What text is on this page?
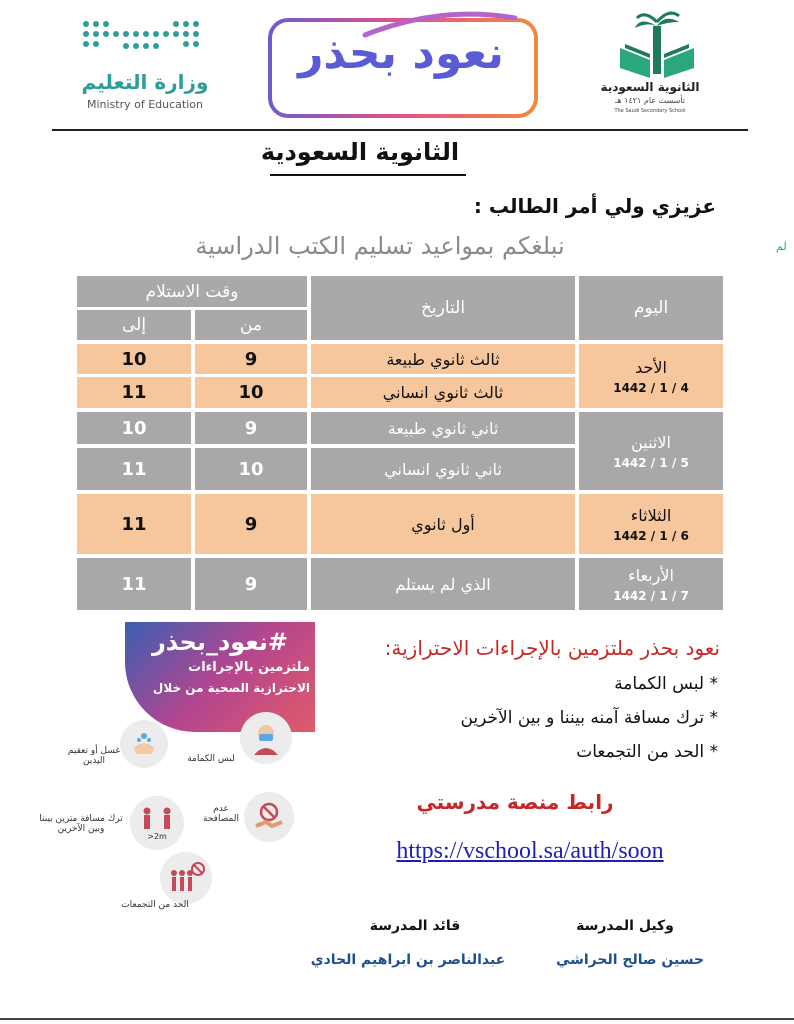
وزارة التعليم
Ministry of Education
نعود بحذر
الثانوية السعودية
تأسست عام ١٤٢١ هـ
The Saudi Secondary School
الثانوية السعودية
عزيزي ولي أمر الطالب :
نبلغكم بمواعيد تسليم الكتب الدراسية	لم
اليوم
التاريخ
وقت الاستلام
من
إلى
الأحد
1442 / 1 / 4
الاثنين
1442 / 1 / 5
الثلاثاء
1442 / 1 / 6
الأربعاء
1442 / 1 / 7
ثالث ثانوي طبيعة
9
10
ثالث ثانوي انساني
10
11
ثاني ثانوي طبيعة
9
10
ثاني ثانوي انساني
10
11
أول ثانوي
9
11
الذي لم يستلم
9
11
#نعود_بحذر
ملتزمين بالإجراءات
الاحترازية الصحية من خلال
لبس الكمامة
غسل أو تعقيم اليدين
عدم المصافحة
>2m
ترك مسافة مترين بيننا وبين الآخرين
الحد من التجمعات
نعود بحذر ملتزمين بالإجراءات الاحترازية:
* لبس الكمامة
* ترك مسافة آمنه بيننا و بين الآخرين
* الحد من التجمعات
رابط منصة مدرستي
https://vschool.sa/auth/soon
وكيل المدرسة
حسين صالح الحراشي
قائد المدرسة
عبدالناصر بن ابراهيم الحادي
